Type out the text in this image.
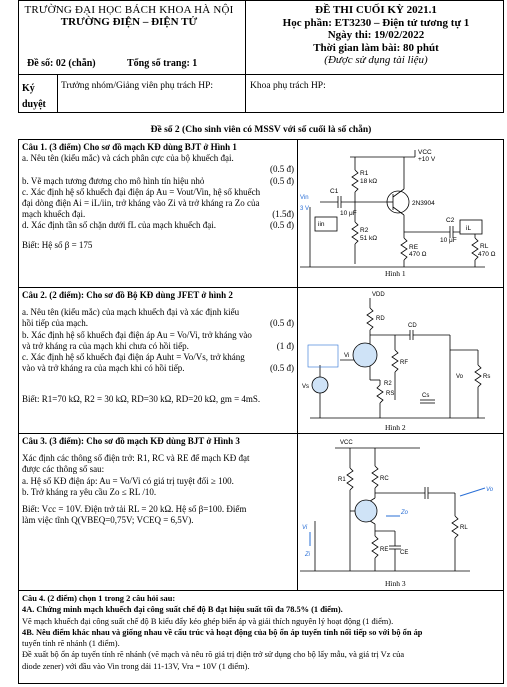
TRƯỜNG ĐẠI HỌC BÁCH KHOA HÀ NỘI
TRƯỜNG ĐIỆN – ĐIỆN TỬ
Đề số: 02 (chẵn)	Tổng số trang: 1
ĐỀ THI CUỐI KỲ 2021.1
Học phần: ET3230 – Điện tử tương tự 1
Ngày thi: 19/02/2022
Thời gian làm bài: 80 phút
(Được sử dụng tài liệu)
Ký duyệt
Trưởng nhóm/Giảng viên phụ trách HP:	Khoa phụ trách HP:
Đề số 2 (Cho sinh viên có MSSV với số cuối là số chẵn)
Câu 1. (3 điểm) Cho sơ đồ mạch KĐ dùng BJT ở Hình 1
a. Nêu tên (kiểu mắc) và cách phân cực của bộ khuếch đại.
(0.5 đ)
b. Vẽ mạch tương đương cho mô hình tín hiệu nhỏ	(0.5 đ)
c. Xác định hệ số khuếch đại điện áp Au = Vout/Vin, hệ số khuếch
đại dòng điện Ai = iL/iin, trở kháng vào Zi và trở kháng ra Zo của
mạch khuếch đại.	(1.5đ)
d. Xác định tần số chặn dưới fL của mạch khuếch đại.	(0.5 đ)
Biết: Hệ số β = 175
VCC
+10 V
R1
18 kΩ
R2
51 kΩ
RE
470 Ω
RL
470 Ω
C1
10 μF
C2
10 μF
2N3904
iin
iL
Vin
3 V
Hình 1
Câu 2. (2 điểm): Cho sơ đồ Bộ KĐ dùng JFET ở hình 2
a. Nêu tên (kiểu mắc) của mạch khuếch đại và xác định kiểu
hồi tiếp của mạch.	(0.5 đ)
b. Xác định hệ số khuếch đại điện áp Au = Vo/Vi, trở kháng vào
và trở kháng ra của mạch khi chưa có hồi tiếp.	(1 đ)
c. Xác định hệ số khuếch đại điện áp Auht = Vo/Vs, trở kháng
vào và trở kháng ra của mạch khi có hồi tiếp.	(0.5 đ)
Biết: R1=70 kΩ, R2 = 30 kΩ, RD=30 kΩ, RD=20 kΩ, gm = 4mS.
VDD
RD
CD
RF
Cs
RS
R2
Vs
Vi
Vo	Rs
Hình 2
Câu 3. (3 điểm): Cho sơ đồ mạch KĐ dùng BJT ở Hình 3
Xác định các thông số điện trở: R1, RC và RE để mạch KĐ đạt
được các thông số sau:
a. Hệ số KĐ điện áp: Au = Vo/Vi có giá trị tuyệt đối ≥ 100.
b. Trở kháng ra yêu cầu Zo ≤ RL /10.
Biết: Vcc = 10V. Điện trở tải RL = 20 kΩ. Hệ số β=100. Điểm
làm việc tĩnh Q(VBEQ=0,75V; VCEQ = 6,5V).
VCC
R1	RC
RE CE
RL
Vi
Vo
Zi
Zo
Hình 3
Câu 4. (2 điểm) chọn 1 trong 2 câu hỏi sau:
4A. Chứng minh mạch khuếch đại công suất chế độ B đạt hiệu suất tối đa 78.5% (1 điểm).
Vẽ mạch khuếch đại công suất chế độ B kiểu đẩy kéo ghép biến áp và giải thích nguyên lý hoạt động (1 điểm).
4B. Nêu điểm khác nhau và giống nhau về cấu trúc và hoạt động của bộ ổn áp tuyến tính nối tiếp so với bộ ổn áp
tuyến tính rẽ nhánh (1 điểm).
Đề xuất bộ ổn áp tuyến tính rẽ nhánh (vẽ mạch và nêu rõ giá trị điện trở sử dụng cho bộ lấy mẫu, và giá trị Vz của
diode zener) với đầu vào Vin trong dải 11-13V, Vra = 10V (1 điểm).
